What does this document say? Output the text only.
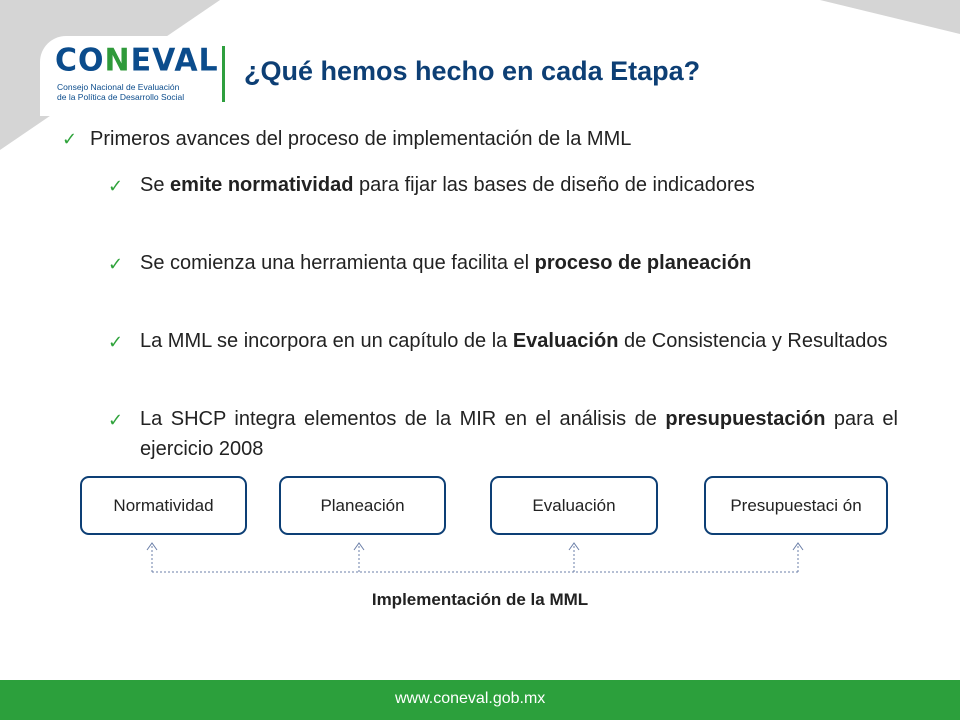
CONEVAL
Consejo Nacional de Evaluación
de la Política de Desarrollo Social
¿Qué hemos hecho en cada Etapa?
✓ Primeros avances del proceso de implementación de la MML
✓ Se emite normatividad para fijar las bases de diseño de indicadores
✓ Se comienza una herramienta que facilita el proceso de planeación
✓ La MML se incorpora en un capítulo de la Evaluación de Consistencia y Resultados
✓ La SHCP integra elementos de la MIR en el análisis de presupuestación para el ejercicio 2008
Normatividad	Planeación	Evaluación	Presupuestaci ón
Implementación de la MML
www.coneval.gob.mx
